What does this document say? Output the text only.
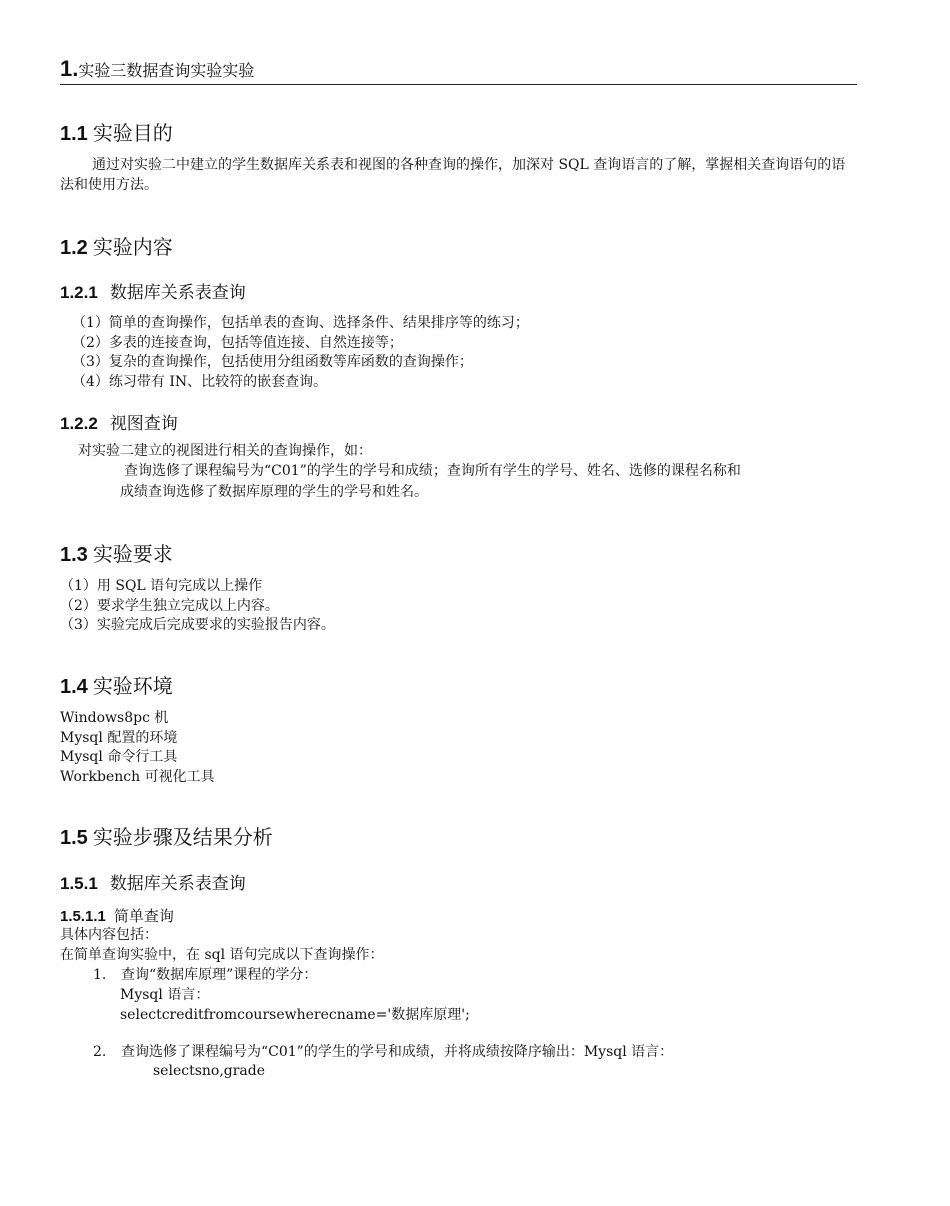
1.实验三数据查询实验实验
1.1 实验目的
通过对实验二中建立的学生数据库关系表和视图的各种查询的操作，加深对 SQL 查询语言的了解，掌握相关查询语句的语法和使用方法。
1.2 实验内容
1.2.1 数据库关系表查询
（1）简单的查询操作，包括单表的查询、选择条件、结果排序等的练习；
（2）多表的连接查询，包括等值连接、自然连接等；
（3）复杂的查询操作，包括使用分组函数等库函数的查询操作；
（4）练习带有 IN、比较符的嵌套查询。
1.2.2 视图查询
对实验二建立的视图进行相关的查询操作，如：
查询选修了课程编号为“C01”的学生的学号和成绩；查询所有学生的学号、姓名、选修的课程名称和
成绩查询选修了数据库原理的学生的学号和姓名。
1.3 实验要求
（1）用 SQL 语句完成以上操作
（2）要求学生独立完成以上内容。
（3）实验完成后完成要求的实验报告内容。
1.4 实验环境
Windows8pc 机
Mysql 配置的环境
Mysql 命令行工具
Workbench 可视化工具
1.5 实验步骤及结果分析
1.5.1 数据库关系表查询
1.5.1.1 简单查询
具体内容包括：
在简单查询实验中，在 sql 语句完成以下查询操作：
1. 查询“数据库原理”课程的学分：
Mysql 语言：
selectcreditfromcoursewherecname='数据库原理';
2. 查询选修了课程编号为“C01”的学生的学号和成绩，并将成绩按降序输出：Mysql 语言：
selectsno,grade
